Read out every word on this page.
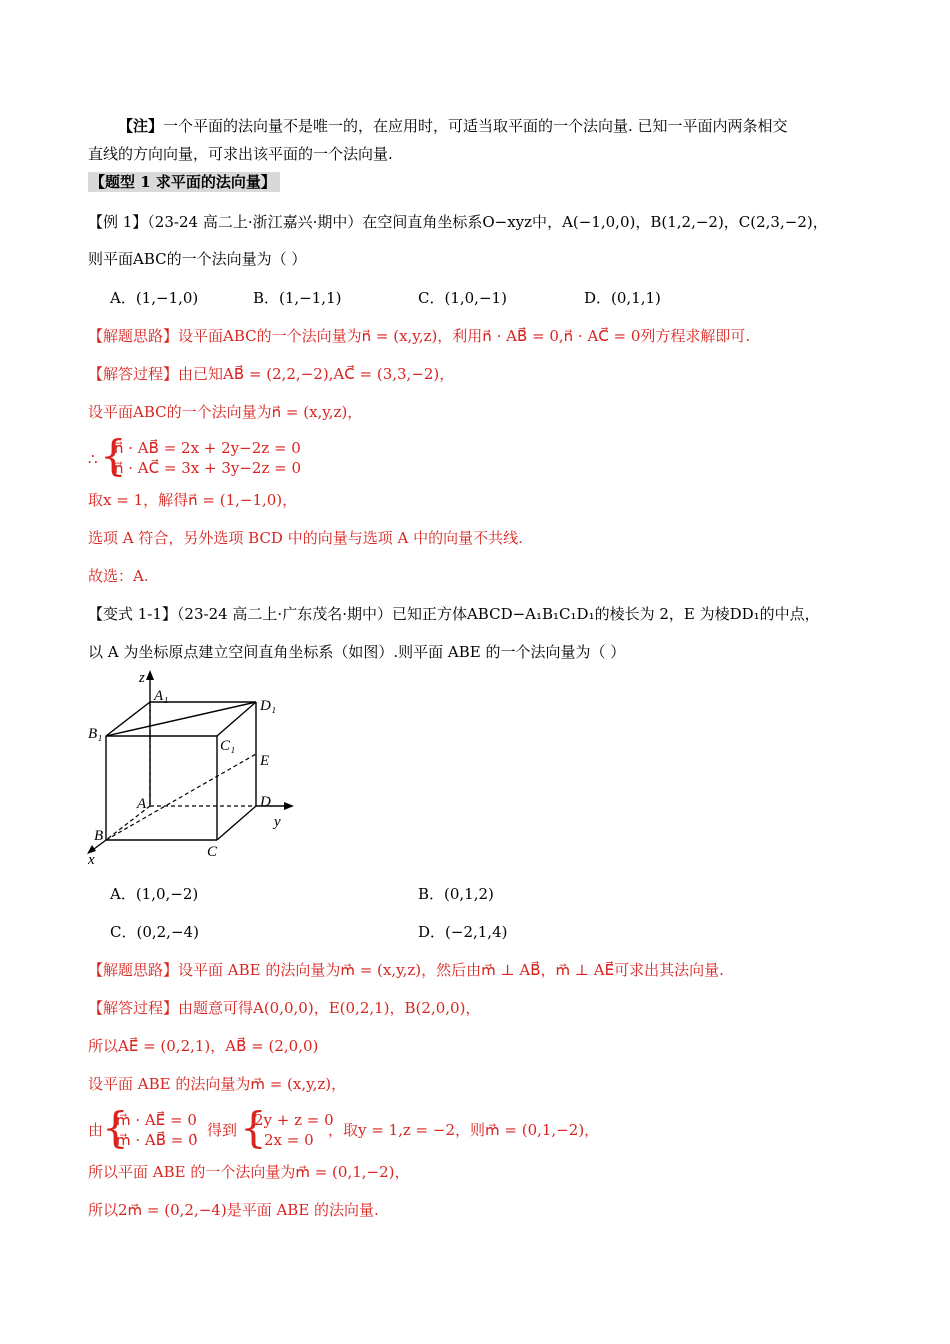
【注】一个平面的法向量不是唯一的，在应用时，可适当取平面的一个法向量. 已知一平面内两条相交
直线的方向向量，可求出该平面的一个法向量.
【题型 1 求平面的法向量】
【例 1】（23-24 高二上·浙江嘉兴·期中）在空间直角坐标系O−xyz中，A(−1,0,0)，B(1,2,−2)，C(2,3,−2)，
则平面ABC的一个法向量为（ ）
A．(1,−1,0)	B．(1,−1,1)	C．(1,0,−1)	D．(0,1,1)
【解题思路】设平面ABC的一个法向量为n⃗ = (x,y,z)，利用n⃗ · AB⃗ = 0,n⃗ · AC⃗ = 0列方程求解即可.
【解答过程】由已知AB⃗ = (2,2,−2),AC⃗ = (3,3,−2)，
设平面ABC的一个法向量为n⃗ = (x,y,z)，
∴ {
n⃗ · AB⃗ = 2x + 2y−2z = 0
n⃗ · AC⃗ = 3x + 3y−2z = 0
取x = 1，解得n⃗ = (1,−1,0)，
选项 A 符合，另外选项 BCD 中的向量与选项 A 中的向量不共线.
故选：A.
【变式 1-1】（23-24 高二上·广东茂名·期中）已知正方体ABCD−A₁B₁C₁D₁的棱长为 2，E 为棱DD₁的中点，
以 A 为坐标原点建立空间直角坐标系（如图）.则平面 ABE 的一个法向量为（ ）
z
A₁
D₁
B₁
C₁
E
A	D
y
B
C
x
A．(1,0,−2)	B．(0,1,2)
C．(0,2,−4)	D．(−2,1,4)
【解题思路】设平面 ABE 的法向量为m⃗ = (x,y,z)，然后由m⃗ ⊥ AB⃗，m⃗ ⊥ AE⃗可求出其法向量.
【解答过程】由题意可得A(0,0,0)，E(0,2,1)，B(2,0,0)，
所以AE⃗ = (0,2,1)，AB⃗ = (2,0,0)
设平面 ABE 的法向量为m⃗ = (x,y,z)，
由
{
m⃗ · AE⃗ = 0
m⃗ · AB⃗ = 0
，得到 {
2y + z = 0
2x = 0
，取y = 1,z = −2，则m⃗ = (0,1,−2)，
所以平面 ABE 的一个法向量为m⃗ = (0,1,−2)，
所以2m⃗ = (0,2,−4)是平面 ABE 的法向量.
